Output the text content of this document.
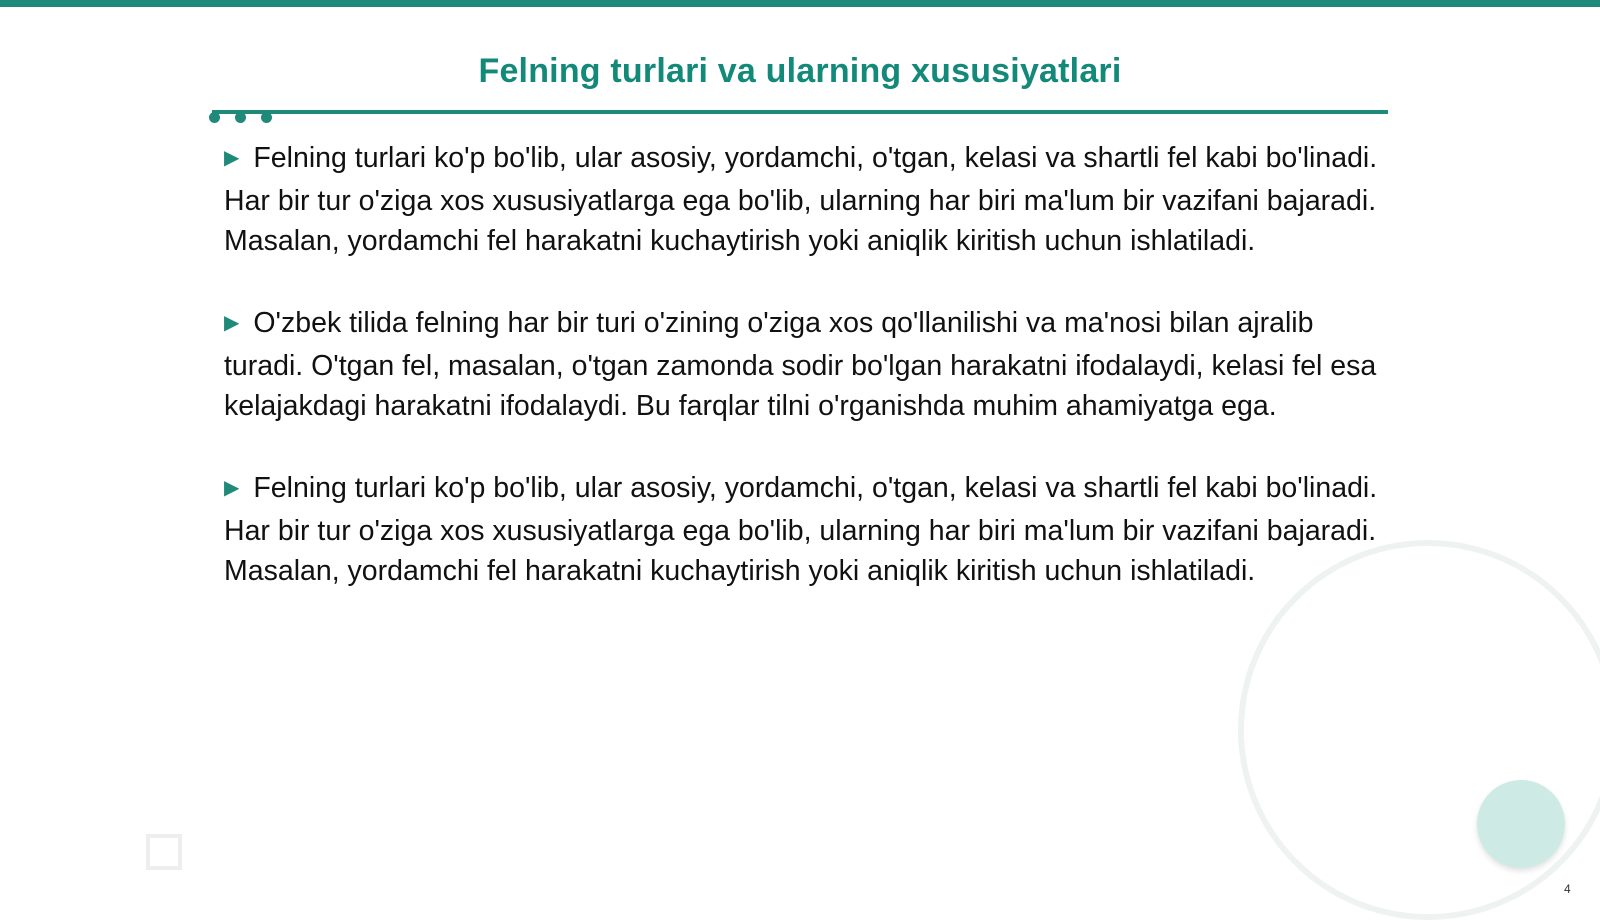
Felning turlari va ularning xususiyatlari

▶ Felning turlari ko'p bo'lib, ular asosiy, yordamchi, o'tgan, kelasi va shartli fel kabi bo'linadi. Har bir tur o'ziga xos xususiyatlarga ega bo'lib, ularning har biri ma'lum bir vazifani bajaradi. Masalan, yordamchi fel harakatni kuchaytirish yoki aniqlik kiritish uchun ishlatiladi.

▶ O'zbek tilida felning har bir turi o'zining o'ziga xos qo'llanilishi va ma'nosi bilan ajralib turadi. O'tgan fel, masalan, o'tgan zamonda sodir bo'lgan harakatni ifodalaydi, kelasi fel esa kelajakdagi harakatni ifodalaydi. Bu farqlar tilni o'rganishda muhim ahamiyatga ega.

▶ Felning turlari ko'p bo'lib, ular asosiy, yordamchi, o'tgan, kelasi va shartli fel kabi bo'linadi. Har bir tur o'ziga xos xususiyatlarga ega bo'lib, ularning har biri ma'lum bir vazifani bajaradi. Masalan, yordamchi fel harakatni kuchaytirish yoki aniqlik kiritish uchun ishlatiladi.

4
